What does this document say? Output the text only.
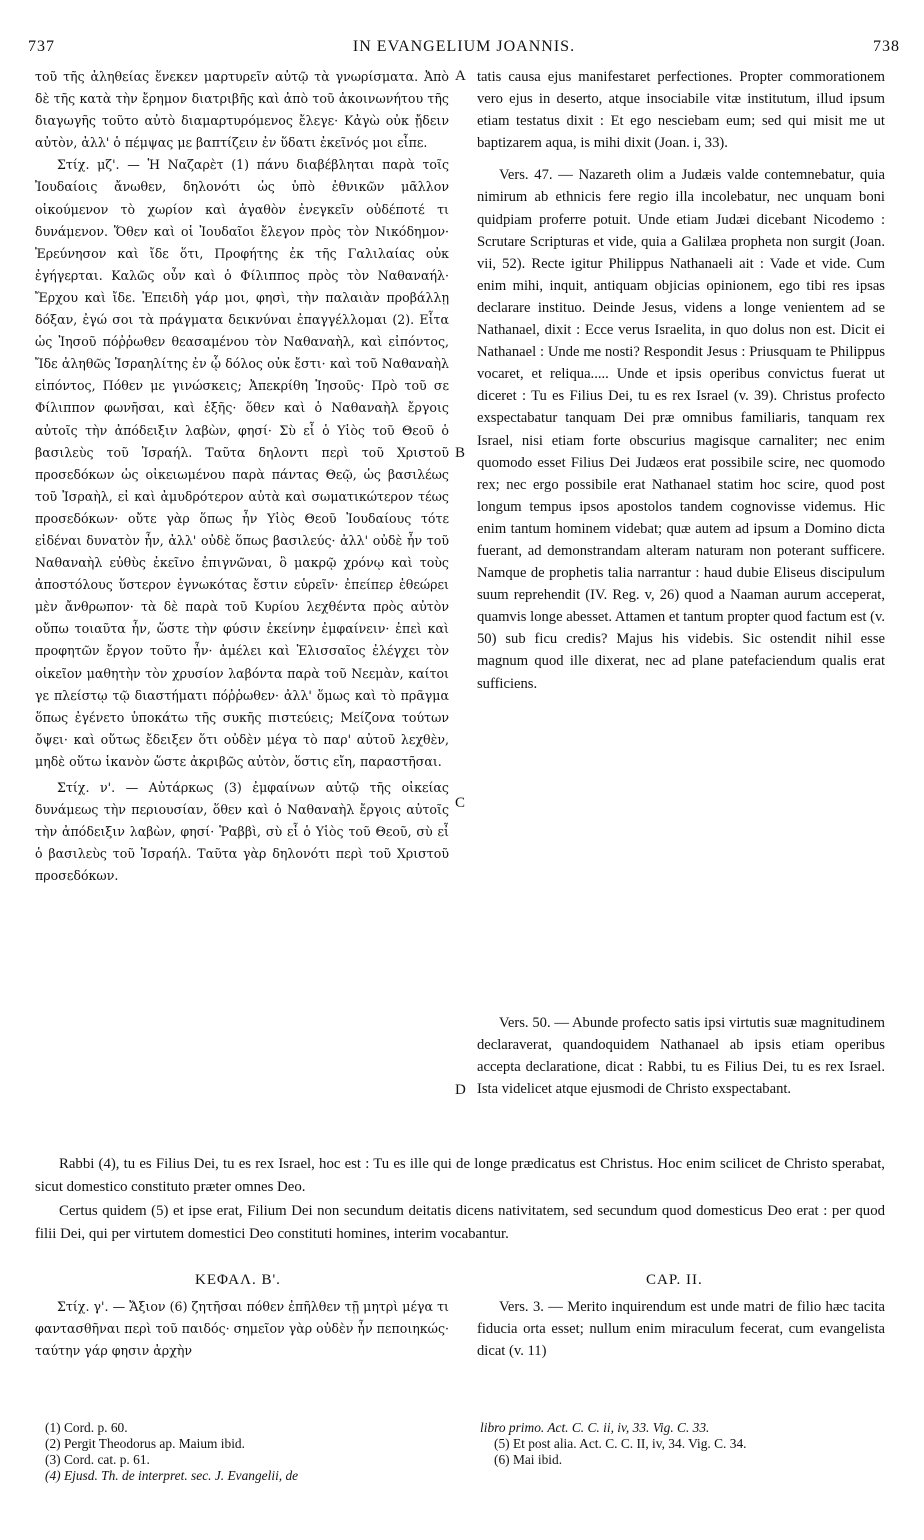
737	IN EVANGELIUM JOANNIS.	738

τοῦ τῆς ἀληθείας ἕνεκεν μαρτυρεῖν αὐτῷ τὰ γνωρίσματα. Ἀπὸ δὲ τῆς κατὰ τὴν ἔρημον διατριβῆς καὶ ἀπὸ τοῦ ἀκοινωνήτου τῆς διαγωγῆς τοῦτο αὐτὸ διαμαρτυρόμενος ἔλεγε· Κἀγὼ οὐκ ᾔδειν αὐτὸν, ἀλλ' ὁ πέμψας με βαπτίζειν ἐν ὕδατι ἐκεῖνός μοι εἶπε.

Στίχ. μζ'. — Ἡ Ναζαρὲτ (1) πάνυ διαβέβληται παρὰ τοῖς Ἰουδαίοις ἄνωθεν, δηλονότι ὡς ὑπὸ ἐθνικῶν μᾶλλον οἰκούμενον τὸ χωρίον καὶ ἀγαθὸν ἐνεγκεῖν οὐδέποτέ τι δυνάμενον. Ὅθεν καὶ οἱ Ἰουδαῖοι ἔλεγον πρὸς τὸν Νικόδημον· Ἐρεύνησον καὶ ἴδε ὅτι, Προφήτης ἐκ τῆς Γαλιλαίας οὐκ ἐγήγερται. Καλῶς οὖν καὶ ὁ Φίλιππος πρὸς τὸν Ναθαναήλ· Ἔρχου καὶ ἴδε. Ἐπειδὴ γάρ μοι, φησὶ, τὴν παλαιὰν προβάλλῃ δόξαν, ἐγώ σοι τὰ πράγματα δεικνύναι ἐπαγγέλλομαι (2). Εἶτα ὡς Ἰησοῦ πόῤῥωθεν θεασαμένου τὸν Ναθαναὴλ, καὶ εἰπόντος, Ἴδε ἀληθῶς Ἰσραηλίτης ἐν ᾧ δόλος οὐκ ἔστι· καὶ τοῦ Ναθαναὴλ εἰπόντος, Πόθεν με γινώσκεις; Ἀπεκρίθη Ἰησοῦς· Πρὸ τοῦ σε Φίλιππον φωνῆσαι, καὶ ἑξῆς· ὅθεν καὶ ὁ Ναθαναὴλ ἔργοις αὐτοῖς τὴν ἀπόδειξιν λαβὼν, φησί· Σὺ εἶ ὁ Υἱὸς τοῦ Θεοῦ ὁ βασιλεὺς τοῦ Ἰσραήλ. Ταῦτα δηλοντι περὶ τοῦ Χριστοῦ προσεδόκων ὡς οἰκειωμένου παρὰ πάντας Θεῷ, ὡς βασιλέως τοῦ Ἰσραὴλ, εἰ καὶ ἀμυδρότερον αὐτὰ καὶ σωματικώτερον τέως προσεδόκων· οὔτε γὰρ ὅπως ἦν Υἱὸς Θεοῦ Ἰουδαίους τότε εἰδέναι δυνατὸν ἦν, ἀλλ' οὐδὲ ὅπως βασιλεύς· ἀλλ' οὐδὲ ἦν τοῦ Ναθαναὴλ εὐθὺς ἐκεῖνο ἐπιγνῶναι, ὃ μακρῷ χρόνῳ καὶ τοὺς ἀποστόλους ὕστερον ἐγνωκότας ἔστιν εὑρεῖν· ἐπείπερ ἐθεώρει μὲν ἄνθρωπον· τὰ δὲ παρὰ τοῦ Κυρίου λεχθέντα πρὸς αὐτὸν οὔπω τοιαῦτα ἦν, ὥστε τὴν φύσιν ἐκείνην ἐμφαίνειν· ἐπεὶ καὶ προφητῶν ἔργον τοῦτο ἦν· ἀμέλει καὶ Ἐλισσαῖος ἐλέγχει τὸν οἰκεῖον μαθητὴν τὸν χρυσίον λαβόντα παρὰ τοῦ Νεεμὰν, καίτοι γε πλείστῳ τῷ διαστήματι πόῤῥωθεν· ἀλλ' ὅμως καὶ τὸ πρᾶγμα ὅπως ἐγένετο ὑποκάτω τῆς συκῆς πιστεύεις; Μείζονα τούτων ὄψει· καὶ οὕτως ἔδειξεν ὅτι οὐδὲν μέγα τὸ παρ' αὐτοῦ λεχθὲν, μηδὲ οὕτω ἱκανὸν ὥστε ἀκριβῶς αὐτὸν, ὅστις εἴη, παραστῆσαι.

Στίχ. ν'. — Αὐτάρκως (3) ἐμφαίνων αὐτῷ τῆς οἰκείας δυνάμεως τὴν περιουσίαν, ὅθεν καὶ ὁ Ναθαναὴλ ἔργοις αὐτοῖς τὴν ἀπόδειξιν λαβὼν, φησί· Ῥαββὶ, σὺ εἶ ὁ Υἱὸς τοῦ Θεοῦ, σὺ εἶ ὁ βασιλεὺς τοῦ Ἰσραήλ. Ταῦτα γὰρ δηλονότι περὶ τοῦ Χριστοῦ προσεδόκων.

A
B
C
D

tatis causa ejus manifestaret perfectiones. Propter commorationem vero ejus in deserto, atque insociabile vitæ institutum, illud ipsum etiam testatus dixit : Et ego nesciebam eum; sed qui misit me ut baptizarem aqua, is mihi dixit (Joan. i, 33).

Vers. 47. — Nazareth olim a Judæis valde contemnebatur, quia nimirum ab ethnicis fere regio illa incolebatur, nec unquam boni quidpiam proferre potuit. Unde etiam Judæi dicebant Nicodemo : Scrutare Scripturas et vide, quia a Galilæa propheta non surgit (Joan. vii, 52). Recte igitur Philippus Nathanaeli ait : Vade et vide. Cum enim mihi, inquit, antiquam objicias opinionem, ego tibi res ipsas declarare instituo. Deinde Jesus, videns a longe venientem ad se Nathanael, dixit : Ecce verus Israelita, in quo dolus non est. Dicit ei Nathanael : Unde me nosti? Respondit Jesus : Priusquam te Philippus vocaret, et reliqua..... Unde et ipsis operibus convictus fuerat ut diceret : Tu es Filius Dei, tu es rex Israel (v. 39). Christus profecto exspectabatur tanquam Dei præ omnibus familiaris, tanquam rex Israel, nisi etiam forte obscurius magisque carnaliter; nec enim quomodo esset Filius Dei Judæos erat possibile scire, nec quomodo rex; nec ergo possibile erat Nathanael statim hoc scire, quod post longum tempus ipsos apostolos tandem cognovisse videmus. Hic enim tantum hominem videbat; quæ autem ad ipsum a Domino dicta fuerant, ad demonstrandam alteram naturam non poterant sufficere. Namque de prophetis talia narrantur : haud dubie Eliseus discipulum suum reprehendit (IV. Reg. v, 26) quod a Naaman aurum acceperat, quamvis longe abesset. Attamen et tantum propter quod factum est (v. 50) sub ficu credis? Majus his videbis. Sic ostendit nihil esse magnum quod ille dixerat, nec ad plane patefaciendum qualis erat sufficiens.

Vers. 50. — Abunde profecto satis ipsi virtutis suæ magnitudinem declaraverat, quandoquidem Nathanael ab ipsis etiam operibus accepta declaratione, dicat : Rabbi, tu es Filius Dei, tu es rex Israel. Ista videlicet atque ejusmodi de Christo exspectabant.

Rabbi (4), tu es Filius Dei, tu es rex Israel, hoc est : Tu es ille qui de longe prædicatus est Christus. Hoc enim scilicet de Christo sperabat, sicut domestico constituto præter omnes Deo.

Certus quidem (5) et ipse erat, Filium Dei non secundum deitatis dicens nativitatem, sed secundum quod domesticus Deo erat : per quod filii Dei, qui per virtutem domestici Deo constituti homines, interim vocabantur.

ΚΕΦΑΛ. Β'.	CAP. II.

Στίχ. γ'. — Ἄξιον (6) ζητῆσαι πόθεν ἐπῆλθεν τῇ μητρὶ μέγα τι φαντασθῆναι περὶ τοῦ παιδός· σημεῖον γὰρ οὐδὲν ἦν πεποιηκώς· ταύτην γάρ φησιν ἀρχὴν

Vers. 3. — Merito inquirendum est unde matri de filio hæc tacita fiducia orta esset; nullum enim miraculum fecerat, cum evangelista dicat (v. 11)

(1) Cord. p. 60.
(2) Pergit Theodorus ap. Maium ibid.
(3) Cord. cat. p. 61.
(4) Ejusd. Th. de interpret. sec. J. Evangelii, de
libro primo. Act. C. C. ii, iv, 33. Vig. C. 33.
(5) Et post alia. Act. C. C. II, iv, 34. Vig. C. 34.
(6) Mai ibid.
